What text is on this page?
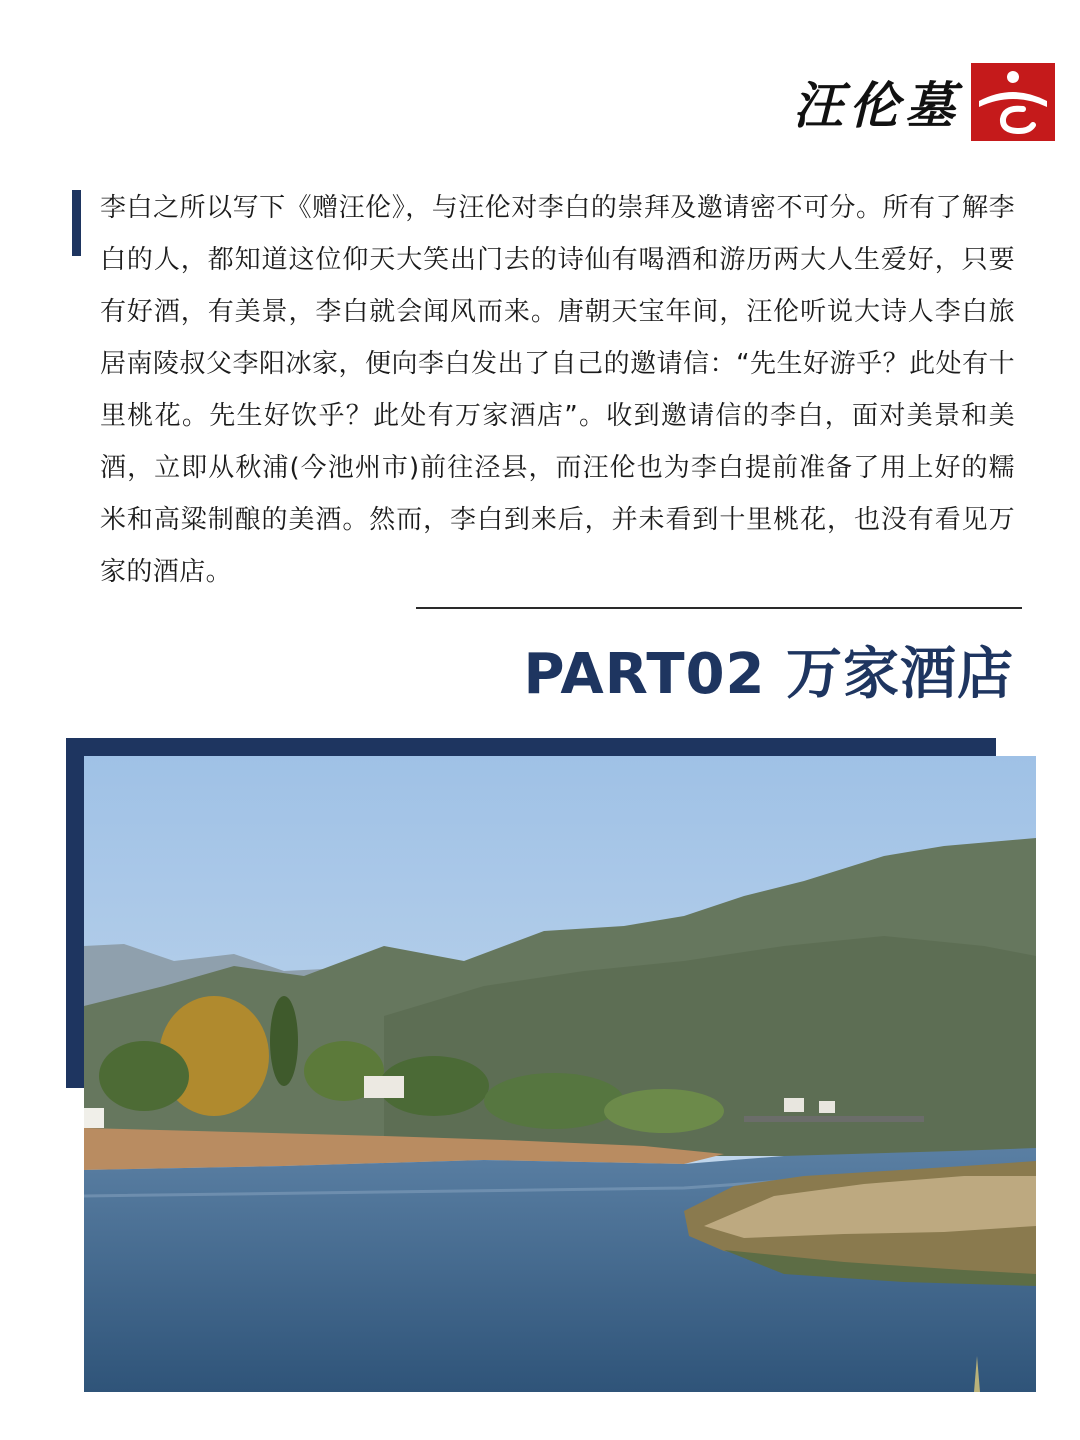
汪伦墓

李白之所以写下《赠汪伦》，与汪伦对李白的崇拜及邀请密不可分。所有了解李白的人，都知道这位仰天大笑出门去的诗仙有喝酒和游历两大人生爱好，只要有好酒，有美景，李白就会闻风而来。唐朝天宝年间，汪伦听说大诗人李白旅居南陵叔父李阳冰家，便向李白发出了自己的邀请信：“先生好游乎？此处有十里桃花。先生好饮乎？此处有万家酒店”。收到邀请信的李白，面对美景和美酒，立即从秋浦(今池州市)前往泾县，而汪伦也为李白提前准备了用上好的糯米和高粱制酿的美酒。然而，李白到来后，并未看到十里桃花，也没有看见万家的酒店。

PART02 万家酒店
